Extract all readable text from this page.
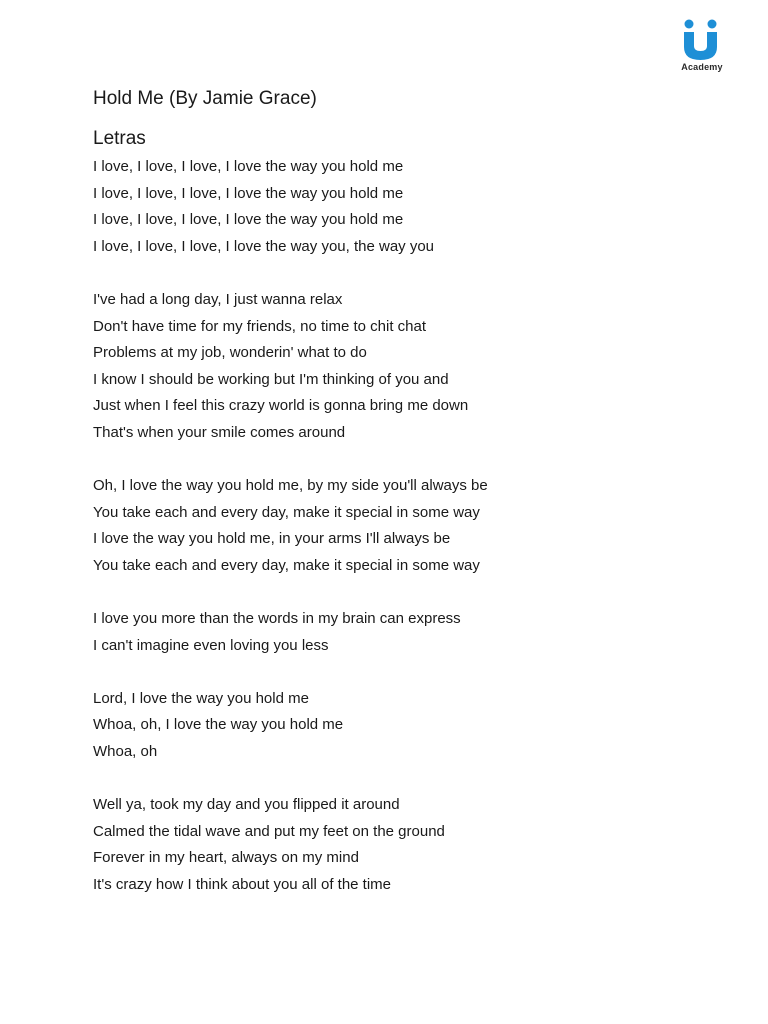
Academy
Hold Me (By Jamie Grace)
Letras
I love, I love, I love, I love the way you hold me
I love, I love, I love, I love the way you hold me
I love, I love, I love, I love the way you hold me
I love, I love, I love, I love the way you, the way you
I've had a long day, I just wanna relax
Don't have time for my friends, no time to chit chat
Problems at my job, wonderin' what to do
I know I should be working but I'm thinking of you and
Just when I feel this crazy world is gonna bring me down
That's when your smile comes around
Oh, I love the way you hold me, by my side you'll always be
You take each and every day, make it special in some way
I love the way you hold me, in your arms I'll always be
You take each and every day, make it special in some way
I love you more than the words in my brain can express
I can't imagine even loving you less
Lord, I love the way you hold me
Whoa, oh, I love the way you hold me
Whoa, oh
Well ya, took my day and you flipped it around
Calmed the tidal wave and put my feet on the ground
Forever in my heart, always on my mind
It's crazy how I think about you all of the time
